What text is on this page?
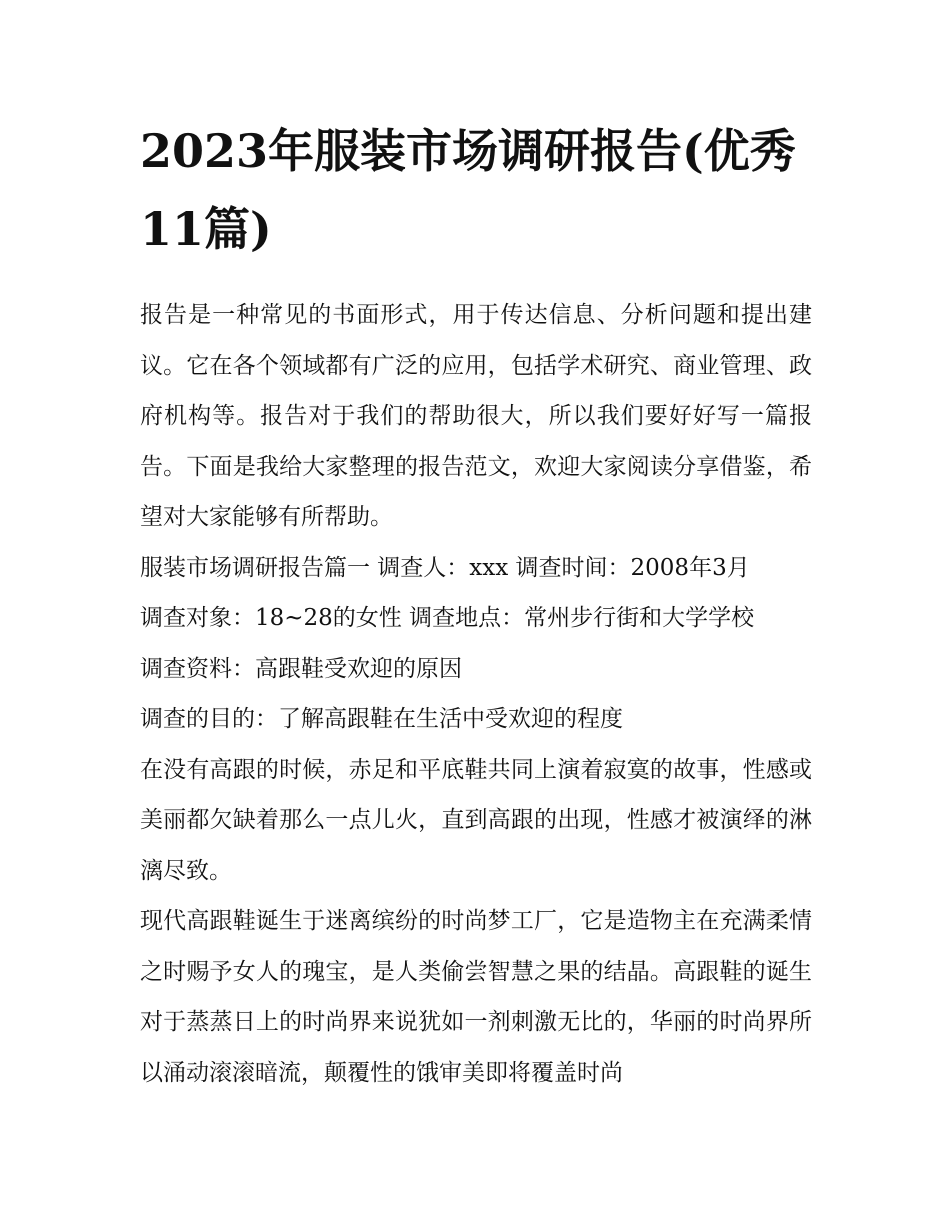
2023年服装市场调研报告(优秀11篇)

报告是一种常见的书面形式，用于传达信息、分析问题和提出建议。它在各个领域都有广泛的应用，包括学术研究、商业管理、政府机构等。报告对于我们的帮助很大，所以我们要好好写一篇报告。下面是我给大家整理的报告范文，欢迎大家阅读分享借鉴，希望对大家能够有所帮助。

服装市场调研报告篇一 调查人：xxx 调查时间：2008年3月

调查对象：18~28的女性 调查地点：常州步行街和大学学校

调查资料：高跟鞋受欢迎的原因

调查的目的：了解高跟鞋在生活中受欢迎的程度

在没有高跟的时候，赤足和平底鞋共同上演着寂寞的故事，性感或美丽都欠缺着那么一点儿火，直到高跟的出现，性感才被演绎的淋漓尽致。

现代高跟鞋诞生于迷离缤纷的时尚梦工厂，它是造物主在充满柔情之时赐予女人的瑰宝，是人类偷尝智慧之果的结晶。高跟鞋的诞生对于蒸蒸日上的时尚界来说犹如一剂刺激无比的，华丽的时尚界所以涌动滚滚暗流，颠覆性的饿审美即将覆盖时尚
